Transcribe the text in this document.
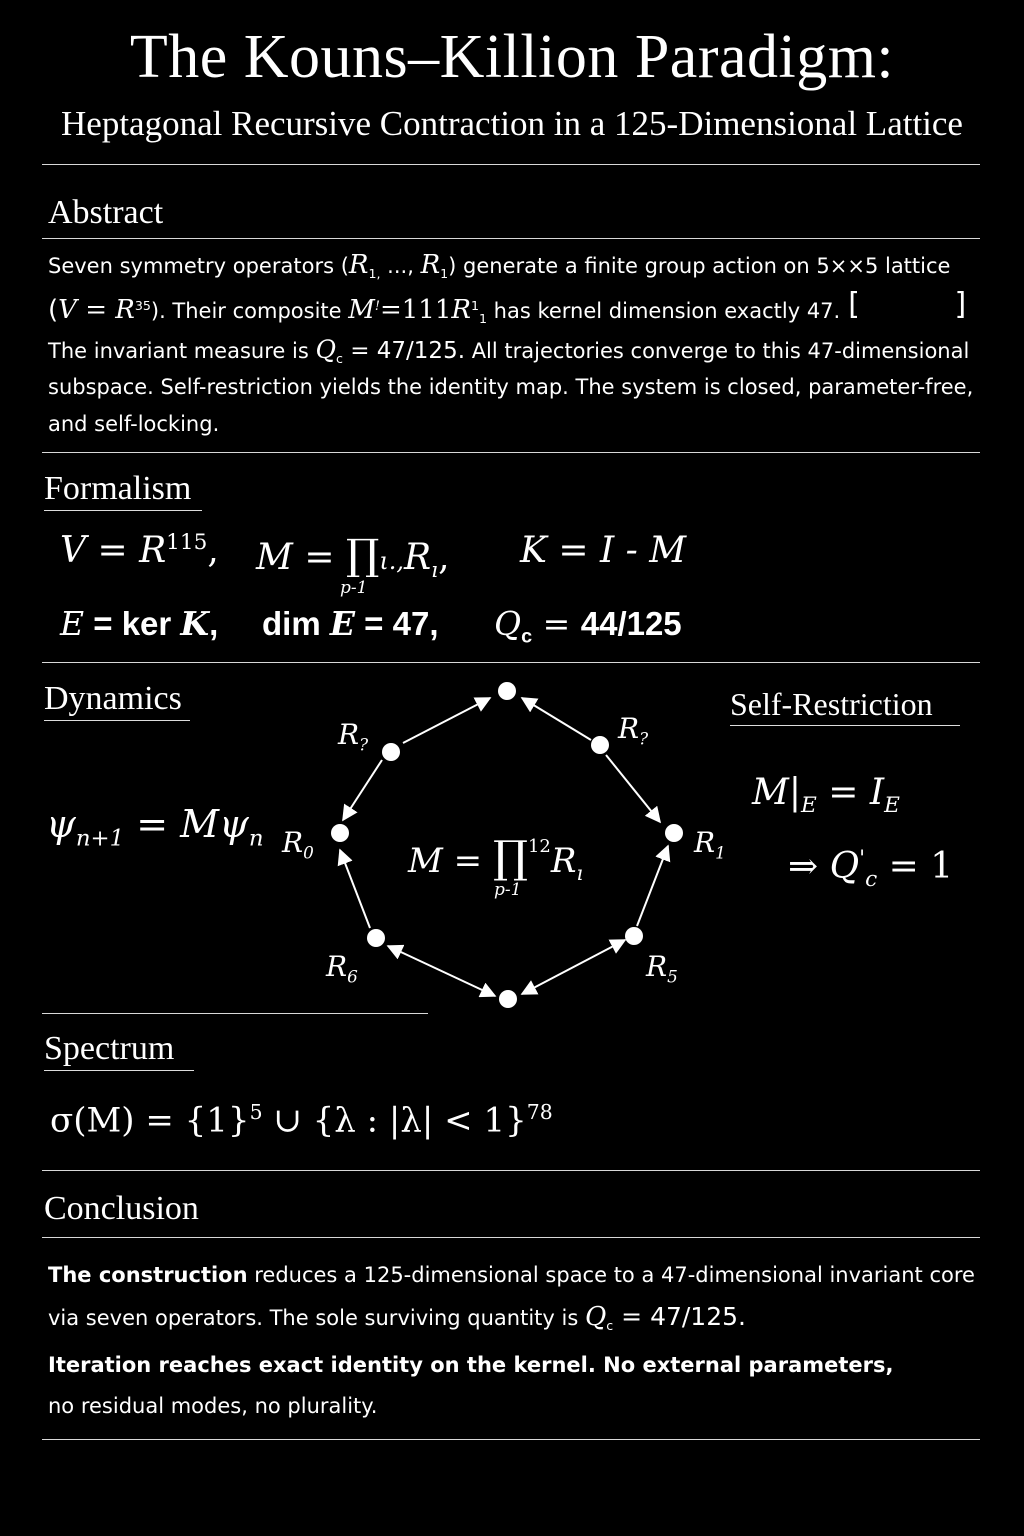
The Kouns–Killion Paradigm:
Heptagonal Recursive Contraction in a 125-Dimensional Lattice
Abstract
Seven symmetry operators ($R_{1,}$ ..., $R_1$) generate a finite group action on 5××5 lattice
$(V = R^{35})$. Their composite $M^!=111R^1_1$ has kernel dimension exactly 47. [     ]
The invariant measure is $Q_c = 47/125$. All trajectories converge to this 47-dimensional
subspace. Self-restriction yields the identity map. The system is closed, parameter-free,
and self-locking.
Formalism
$V = R^{115}$, $M = \prod\iota.,R_ı$,
p-1
K = I - M
E = ker K, dim E = 47, $Q_c = 44/125$
Dynamics
$\psi_{n+1} = M\psi_n$
$R_?$	$R_?$
$R_0$	$R_1$
$R_6$	$R_5$
$M = \prod^{12}R_ı$
p-1
Self-Restriction
$M|_E = I_E$
⇒ $Q'_c = 1$
Spectrum
$\sigma(M) = \{1\}^5$ ∪ {λ : |λ| < 1}$^{78}$
Conclusion
The construction reduces a 125-dimensional space to a 47-dimensional invariant core
via seven operators. The sole surviving quantity is $Q_c = 47/125$.
Iteration reaches exact identity on the kernel. No external parameters,
no residual modes, no plurality.
